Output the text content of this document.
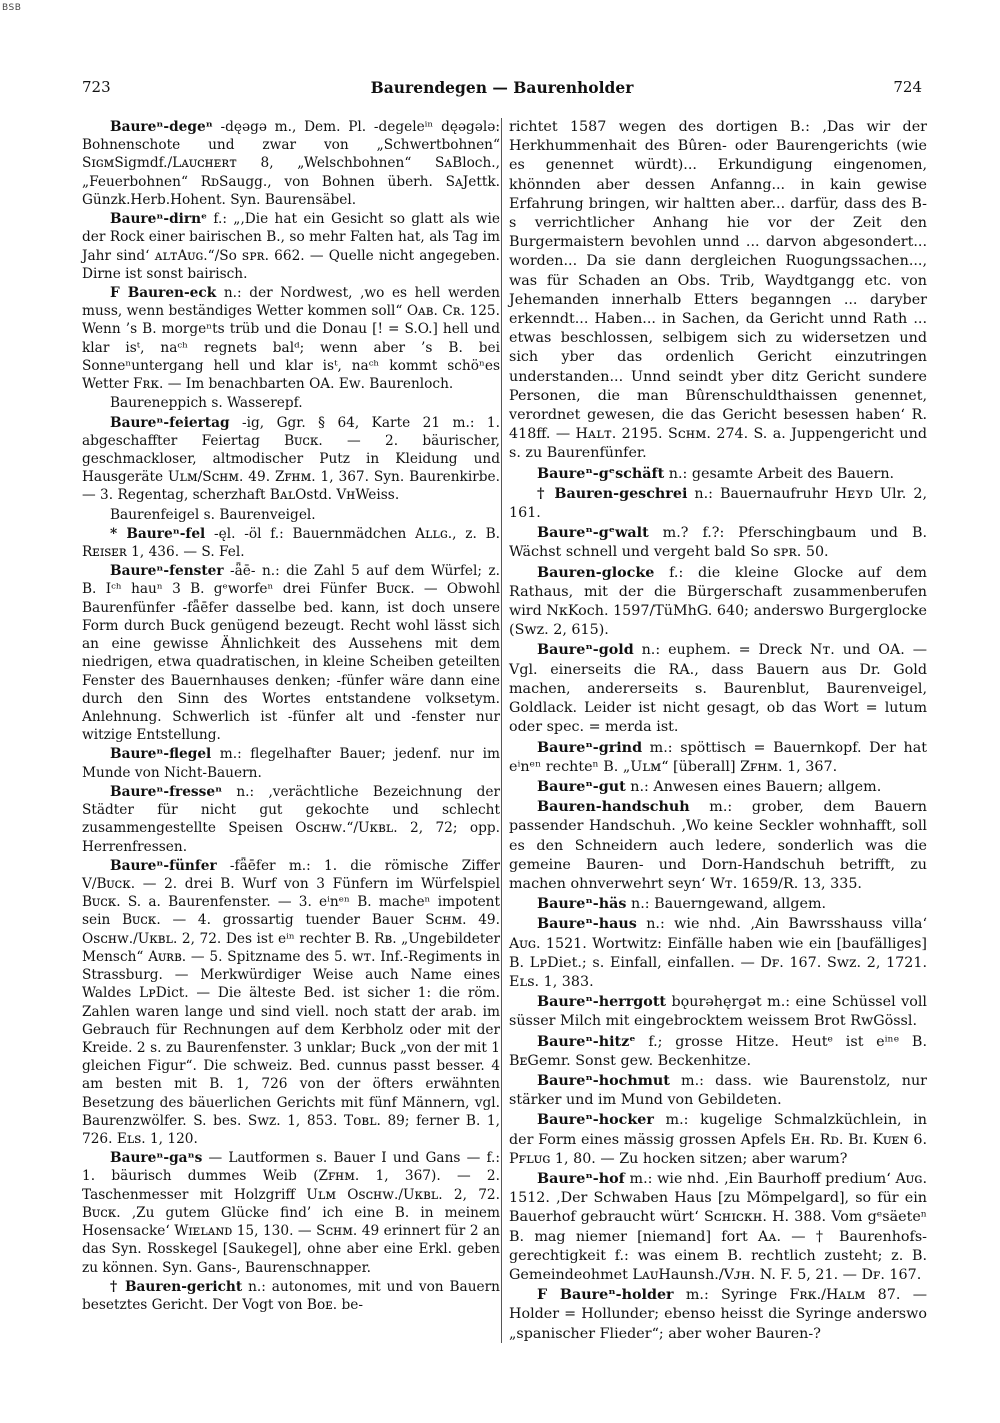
BSB
723	Baurendegen — Baurenholder	724

Baureⁿ-degeⁿ -dęəgə m., Dem. Pl. -degeleⁱⁿ dęəgələ: Bohnenschote und zwar von „Schwertbohnen“ SɪɢᴍSigmdf./Lᴀᴜᴄʜᴇʀᴛ 8, „Welschbohnen“ SᴀBloch., „Feuerbohnen“ RᴅSaugg., von Bohnen überh. SᴀJettk. Günzk.Herb.Hohent. Syn. Baurensäbel.

Baureⁿ-dirnᵉ f.: „‚Die hat ein Gesicht so glatt als wie der Rock einer bairischen B., so mehr Falten hat, als Tag im Jahr sind‘ ᴀʟᴛAᴜɢ.“/Sᴏ ꜱᴘʀ. 662. — Quelle nicht angegeben. Dirne ist sonst bairisch.

F Bauren-eck n.: der Nordwest, ‚wo es hell werden muss, wenn beständiges Wetter kommen soll“ Oᴀʙ. Cʀ. 125. Wenn ’s B. morgeⁿts trüb und die Donau [! = S.O.] hell und klar isᵗ, naᶜʰ regnets balᵈ; wenn aber ’s B. bei Sonneⁿuntergang hell und klar isᵗ, naᶜʰ kommt schöⁿes Wetter Fʀᴋ. — Im benachbarten OA. Eᴡ. Baurenloch.

Baureneppich s. Wasserepf.

Baureⁿ-feiertag -ig, Ggr. § 64, Karte 21 m.: 1. abgeschaffter Feiertag Bᴜᴄᴋ. — 2. bäurischer, geschmackloser, altmodischer Putz in Kleidung und Hausgeräte Uʟᴍ/Sᴄʜᴍ. 49. Zꜰʜᴍ. 1, 367. Syn. Baurenkirbe. — 3. Regentag, scherzhaft BᴀʟOstd. VʜWeiss.

Baurenfeigel s. Baurenveigel.

* Baureⁿ-fel -ęl. -öl f.: Bauernmädchen Aʟʟɢ., z. B. Rᴇɪꜱᴇʀ 1, 436. — S. Fel.

Baureⁿ-fenster -ǟē- n.: die Zahl 5 auf dem Würfel; z. B. Iᶜʰ hauⁿ 3 B. gᵉworfeⁿ drei Fünfer Bᴜᴄᴋ. — Obwohl Baurenfünfer -fǟēfer dasselbe bed. kann, ist doch unsere Form durch Buck genügend bezeugt. Recht wohl lässt sich an eine gewisse Ähnlichkeit des Aussehens mit dem niedrigen, etwa quadratischen, in kleine Scheiben geteilten Fenster des Bauernhauses denken; -fünfer wäre dann eine durch den Sinn des Wortes entstandene volksetym. Anlehnung. Schwerlich ist -fünfer alt und -fenster nur witzige Entstellung.

Baureⁿ-flegel m.: flegelhafter Bauer; jedenf. nur im Munde von Nicht-Bauern.

Baureⁿ-fresseⁿ n.: ‚verächtliche Bezeichnung der Städter für nicht gut gekochte und schlecht zusammengestellte Speisen Oꜱᴄʜᴡ.“/Uᴋʙʟ. 2, 72; opp. Herrenfressen.

Baureⁿ-fünfer -fǟēfer m.: 1. die römische Ziffer V/Bᴜᴄᴋ. — 2. drei B. Wurf von 3 Fünfern im Würfelspiel Bᴜᴄᴋ. S. a. Baurenfenster. — 3. eⁱnᵉⁿ B. macheⁿ impotent sein Bᴜᴄᴋ. — 4. grossartig tuender Bauer Sᴄʜᴍ. 49. Oꜱᴄʜᴡ./Uᴋʙʟ. 2, 72. Des ist eⁱⁿ rechter B. Rʙ. „Ungebildeter Mensch“ Aᴜʀʙ. — 5. Spitzname des 5. ᴡᴛ. Inf.-Regiments in Strassburg. — Merkwürdiger Weise auch Name eines Waldes LᴘDict. — Die älteste Bed. ist sicher 1: die röm. Zahlen waren lange und sind viell. noch statt der arab. im Gebrauch für Rechnungen auf dem Kerbholz oder mit der Kreide. 2 s. zu Baurenfenster. 3 unklar; Buck „von der mit 1 gleichen Figur“. Die schweiz. Bed. cunnus passt besser. 4 am besten mit B. 1, 726 von der öfters erwähnten Besetzung des bäuerlichen Gerichts mit fünf Männern, vgl. Baurenzwölfer. S. bes. Sᴡᴢ. 1, 853. Tᴏʙʟ. 89; ferner B. 1, 726. Eʟꜱ. 1, 120.

Baureⁿ-gaⁿs — Lautformen s. Bauer I und Gans — f.: 1. bäurisch dummes Weib (Zꜰʜᴍ. 1, 367). — 2. Taschenmesser mit Holzgriff Uʟᴍ Oꜱᴄʜᴡ./Uᴋʙʟ. 2, 72. Bᴜᴄᴋ. ‚Zu gutem Glücke find’ ich eine B. in meinem Hosensacke‘ Wɪᴇʟᴀɴᴅ 15, 130. — Sᴄʜᴍ. 49 erinnert für 2 an das Syn. Rosskegel [Saukegel], ohne aber eine Erkl. geben zu können. Syn. Gans-, Baurenschnapper.

† Bauren-gericht n.: autonomes, mit und von Bauern besetztes Gericht. Der Vogt von Bᴏᴇ. be-

richtet 1587 wegen des dortigen B.: ‚Das wir der Herkhummenhait des Bûren- oder Baurengerichts (wie es genennet würdt)... Erkundigung eingenomen, khönnden aber dessen Anfanng... in kain gewise Erfahrung bringen, wir haltten aber... darfür, dass des B-s verrichtlicher Anhang hie vor der Zeit den Burgermaistern bevohlen unnd ... darvon abgesondert... worden... Da sie dann dergleichen Ruogungssachen..., was für Schaden an Obs. Trib, Waydtgangg etc. von Jehemanden innerhalb Etters beganngen ... daryber erkenndt... Haben... in Sachen, da Gericht unnd Rath ... etwas beschlossen, selbigem sich zu widersetzen und sich yber das ordenlich Gericht einzutringen understanden... Unnd seindt yber ditz Gericht sundere Personen, die man Bûrenschuldthaissen genennet, verordnet gewesen, die das Gericht besessen haben‘ R. 418ff. — Hᴀʟᴛ. 2195. Sᴄʜᴍ. 274. S. a. Juppengericht und s. zu Baurenfünfer.

Baureⁿ-gᵉschäft n.: gesamte Arbeit des Bauern.

† Bauren-geschrei n.: Bauernaufruhr Hᴇʏᴅ Ulr. 2, 161.

Baureⁿ-gᵉwalt m.? f.?: Pferschingbaum und B. Wächst schnell und vergeht bald Sᴏ ꜱᴘʀ. 50.

Bauren-glocke f.: die kleine Glocke auf dem Rathaus, mit der die Bürgerschaft zusammenberufen wird NᴋKoch. 1597/TüMhG. 640; anderswo Burgerglocke (Sᴡᴢ. 2, 615).

Baureⁿ-gold n.: euphem. = Dreck Nᴛ. und OA. — Vgl. einerseits die RA., dass Bauern aus Dr. Gold machen, andererseits s. Baurenblut, Baurenveigel, Goldlack. Leider ist nicht gesagt, ob das Wort = lutum oder spec. = merda ist.

Baureⁿ-grind m.: spöttisch = Bauernkopf. Der hat eⁱnᵉⁿ rechteⁿ B. „Uʟᴍ“ [überall] Zꜰʜᴍ. 1, 367.

Baureⁿ-gut n.: Anwesen eines Bauern; allgem.

Bauren-handschuh m.: grober, dem Bauern passender Handschuh. ‚Wo keine Seckler wohnhafft, soll es den Schneidern auch ledere, sonderlich was die gemeine Bauren- und Dorn-Handschuh betrifft, zu machen ohnverwehrt seyn‘ Wᴛ. 1659/R. 13, 335.

Baureⁿ-häs n.: Bauerngewand, allgem.

Baureⁿ-haus n.: wie nhd. ‚Ain Bawrsshauss villa‘ Aᴜɢ. 1521. Wortwitz: Einfälle haben wie ein [baufälliges] B. LᴘDiet.; s. Einfall, einfallen. — Dꜰ. 167. Sᴡᴢ. 2, 1721. Eʟꜱ. 1, 383.

Baureⁿ-herrgott bǫurəhęrgət m.: eine Schüssel voll süsser Milch mit eingebrocktem weissem Brot RwGössl.

Baureⁿ-hitzᵉ f.; grosse Hitze. Heutᵉ ist eⁱⁿᵉ B. BᴇGemr. Sonst gew. Beckenhitze.

Baureⁿ-hochmut m.: dass. wie Baurenstolz, nur stärker und im Mund von Gebildeten.

Baureⁿ-hocker m.: kugelige Schmalzküchlein, in der Form eines mässig grossen Apfels Eʜ. Rᴅ. Bɪ. Kᴜᴇɴ 6. Pꜰʟᴜɢ 1, 80. — Zu hocken sitzen; aber warum?

Baureⁿ-hof m.: wie nhd. ‚Ein Baurhoff predium‘ Aᴜɢ. 1512. ‚Der Schwaben Haus [zu Mömpelgard], so für ein Bauerhof gebraucht würt‘ Sᴄʜɪᴄᴋʜ. H. 388. Vom gᵉsäeteⁿ B. mag niemer [niemand] fort Aᴀ. — † Baurenhofs-gerechtigkeit f.: was einem B. rechtlich zusteht; z. B. Gemeindeohmet LᴀᴜHaunsh./Vᴊʜ. N. F. 5, 21. — Dꜰ. 167.

F Baureⁿ-holder m.: Syringe Fʀᴋ./Hᴀʟᴍ 87. — Holder = Hollunder; ebenso heisst die Syringe anderswo „spanischer Flieder“; aber woher Bauren-?
